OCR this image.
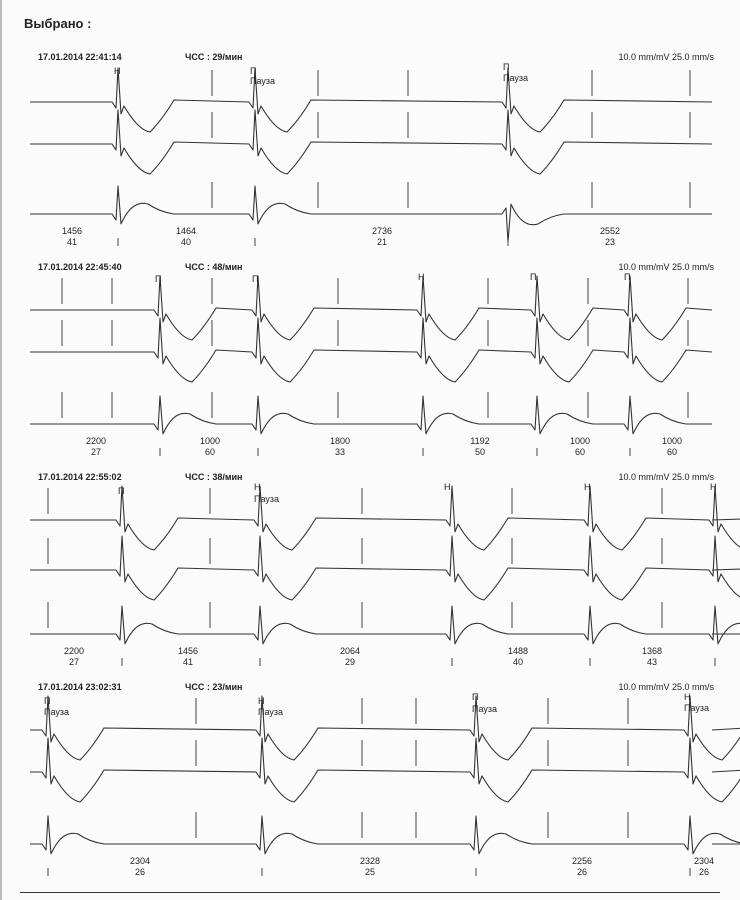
Выбрано :
17.01.2014 22:41:14	ЧСС : 29/мин	10.0 mm/mV 25.0 mm/s
H	П
Пауза
П
Пауза
1456
41
1464
40
2736
21
2552
23
17.01.2014 22:45:40	ЧСС : 48/мин	10.0 mm/mV 25.0 mm/s
П	П	H	П	П
2200
27
1000
60
1800
33
1192
50
1000
60
1000
60
17.01.2014 22:55:02	ЧСС : 38/мин	10.0 mm/mV 25.0 mm/s
П	H
Пауза
H	H	H
2200
27
1456
41
2064
29
1488
40
1368
43
17.01.2014 23:02:31	ЧСС : 23/мин	10.0 mm/mV 25.0 mm/s
П
Пауза
H
Пауза
П
Пауза
H
Пауза
2304
26
2328
25
2256
26
2304
26
